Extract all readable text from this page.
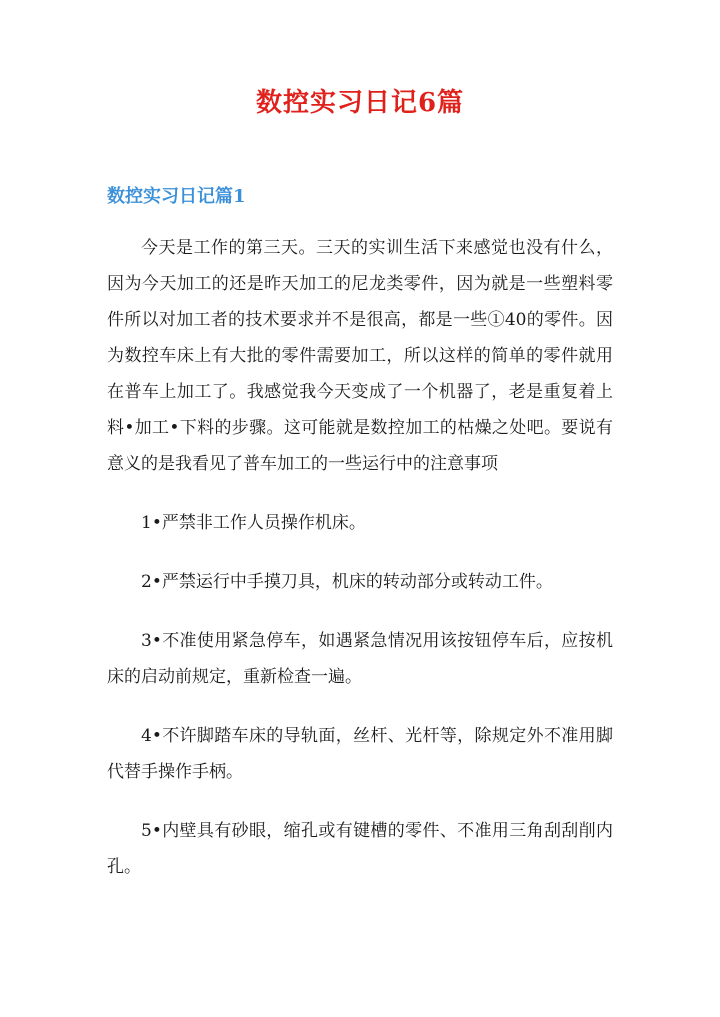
数控实习日记6篇
数控实习日记篇1

今天是工作的第三天。三天的实训生活下来感觉也没有什么，因为今天加工的还是昨天加工的尼龙类零件，因为就是一些塑料零件所以对加工者的技术要求并不是很高，都是一些①40的零件。因为数控车床上有大批的零件需要加工，所以这样的简单的零件就用在普车上加工了。我感觉我今天变成了一个机器了，老是重复着上料•加工•下料的步骤。这可能就是数控加工的枯燥之处吧。要说有意义的是我看见了普车加工的一些运行中的注意事项

1•严禁非工作人员操作机床。

2•严禁运行中手摸刀具，机床的转动部分或转动工件。

3•不准使用紧急停车，如遇紧急情况用该按钮停车后，应按机床的启动前规定，重新检查一遍。

4•不许脚踏车床的导轨面，丝杆、光杆等，除规定外不准用脚代替手操作手柄。

5•内壁具有砂眼，缩孔或有键槽的零件、不准用三角刮刮削内孔。
